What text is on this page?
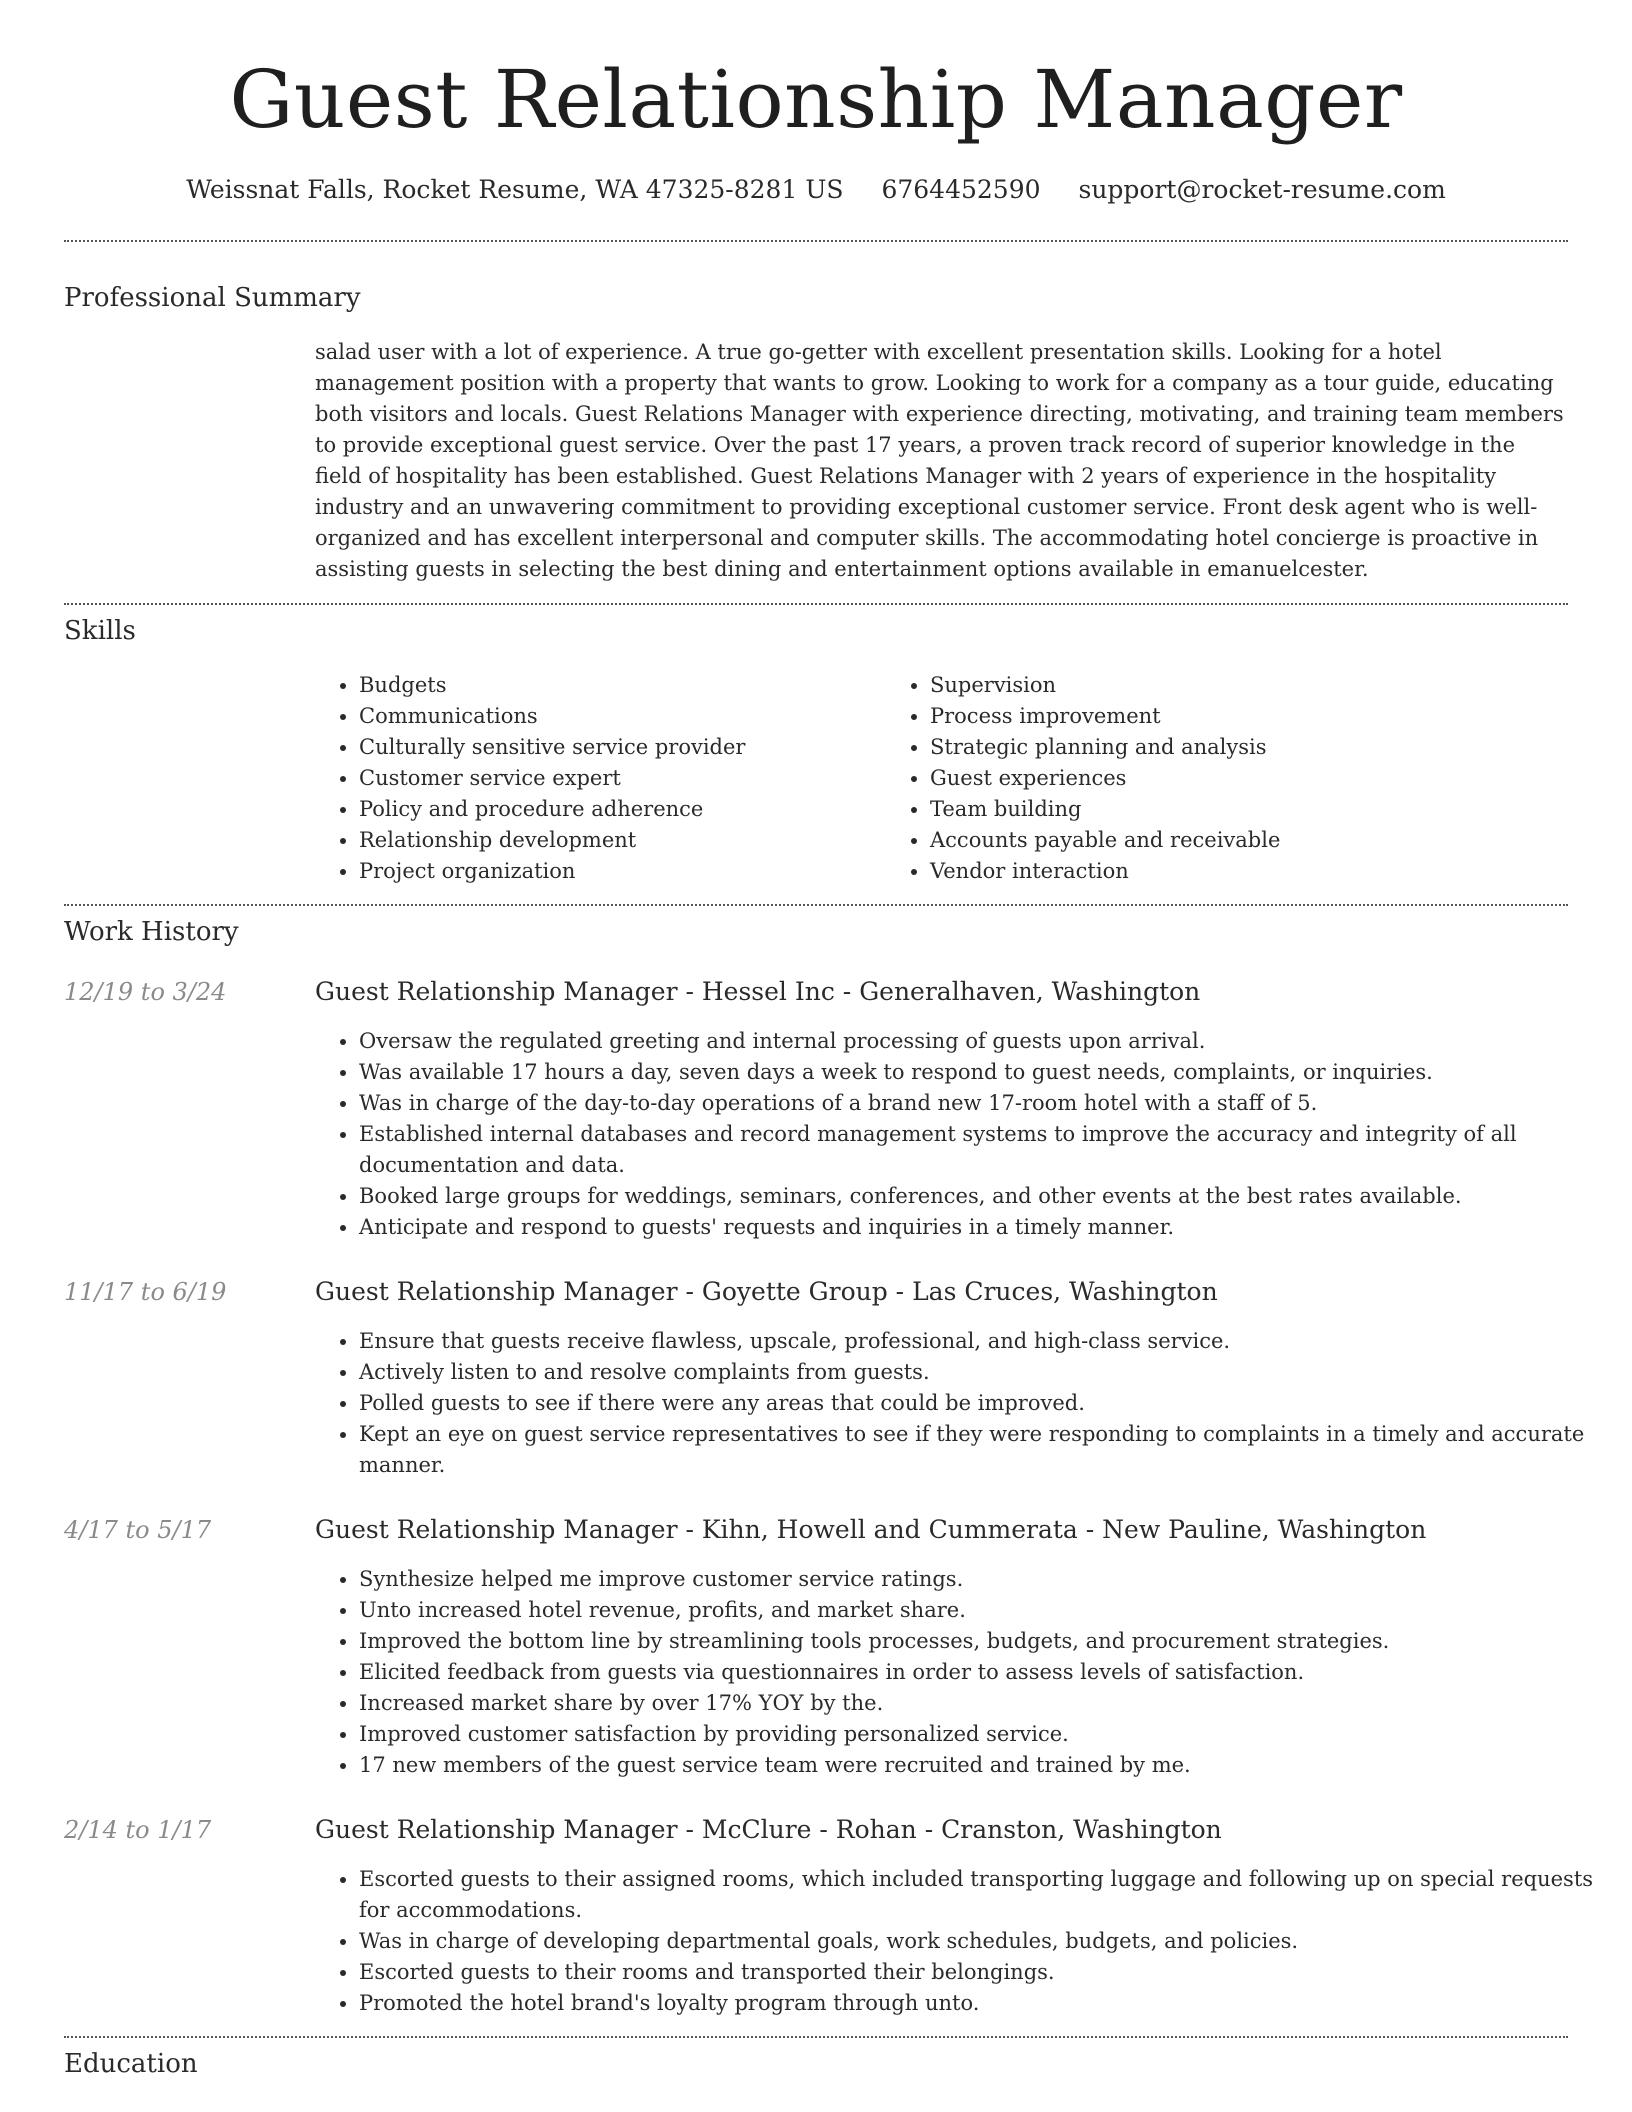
Guest Relationship Manager
Weissnat Falls, Rocket Resume, WA 47325-8281 US 6764452590 support@rocket-resume.com
Professional Summary

salad user with a lot of experience. A true go-getter with excellent presentation skills. Looking for a hotel management position with a property that wants to grow. Looking to work for a company as a tour guide, educating both visitors and locals. Guest Relations Manager with experience directing, motivating, and training team members to provide exceptional guest service. Over the past 17 years, a proven track record of superior knowledge in the field of hospitality has been established. Guest Relations Manager with 2 years of experience in the hospitality industry and an unwavering commitment to providing exceptional customer service. Front desk agent who is well-organized and has excellent interpersonal and computer skills. The accommodating hotel concierge is proactive in assisting guests in selecting the best dining and entertainment options available in emanuelcester.

Skills
• Budgets
• Communications
• Culturally sensitive service provider
• Customer service expert
• Policy and procedure adherence
• Relationship development
• Project organization
• Supervision
• Process improvement
• Strategic planning and analysis
• Guest experiences
• Team building
• Accounts payable and receivable
• Vendor interaction
Work History
12/19 to 3/24	Guest Relationship Manager - Hessel Inc - Generalhaven, Washington
• Oversaw the regulated greeting and internal processing of guests upon arrival.
• Was available 17 hours a day, seven days a week to respond to guest needs, complaints, or inquiries.
• Was in charge of the day-to-day operations of a brand new 17-room hotel with a staff of 5.
• Established internal databases and record management systems to improve the accuracy and integrity of all documentation and data.
• Booked large groups for weddings, seminars, conferences, and other events at the best rates available.
• Anticipate and respond to guests' requests and inquiries in a timely manner.
11/17 to 6/19	Guest Relationship Manager - Goyette Group - Las Cruces, Washington
• Ensure that guests receive flawless, upscale, professional, and high-class service.
• Actively listen to and resolve complaints from guests.
• Polled guests to see if there were any areas that could be improved.
• Kept an eye on guest service representatives to see if they were responding to complaints in a timely and accurate manner.
4/17 to 5/17	Guest Relationship Manager - Kihn, Howell and Cummerata - New Pauline, Washington
• Synthesize helped me improve customer service ratings.
• Unto increased hotel revenue, profits, and market share.
• Improved the bottom line by streamlining tools processes, budgets, and procurement strategies.
• Elicited feedback from guests via questionnaires in order to assess levels of satisfaction.
• Increased market share by over 17% YOY by the.
• Improved customer satisfaction by providing personalized service.
• 17 new members of the guest service team were recruited and trained by me.
2/14 to 1/17	Guest Relationship Manager - McClure - Rohan - Cranston, Washington
• Escorted guests to their assigned rooms, which included transporting luggage and following up on special requests for accommodations.
• Was in charge of developing departmental goals, work schedules, budgets, and policies.
• Escorted guests to their rooms and transported their belongings.
• Promoted the hotel brand's loyalty program through unto.
Education
